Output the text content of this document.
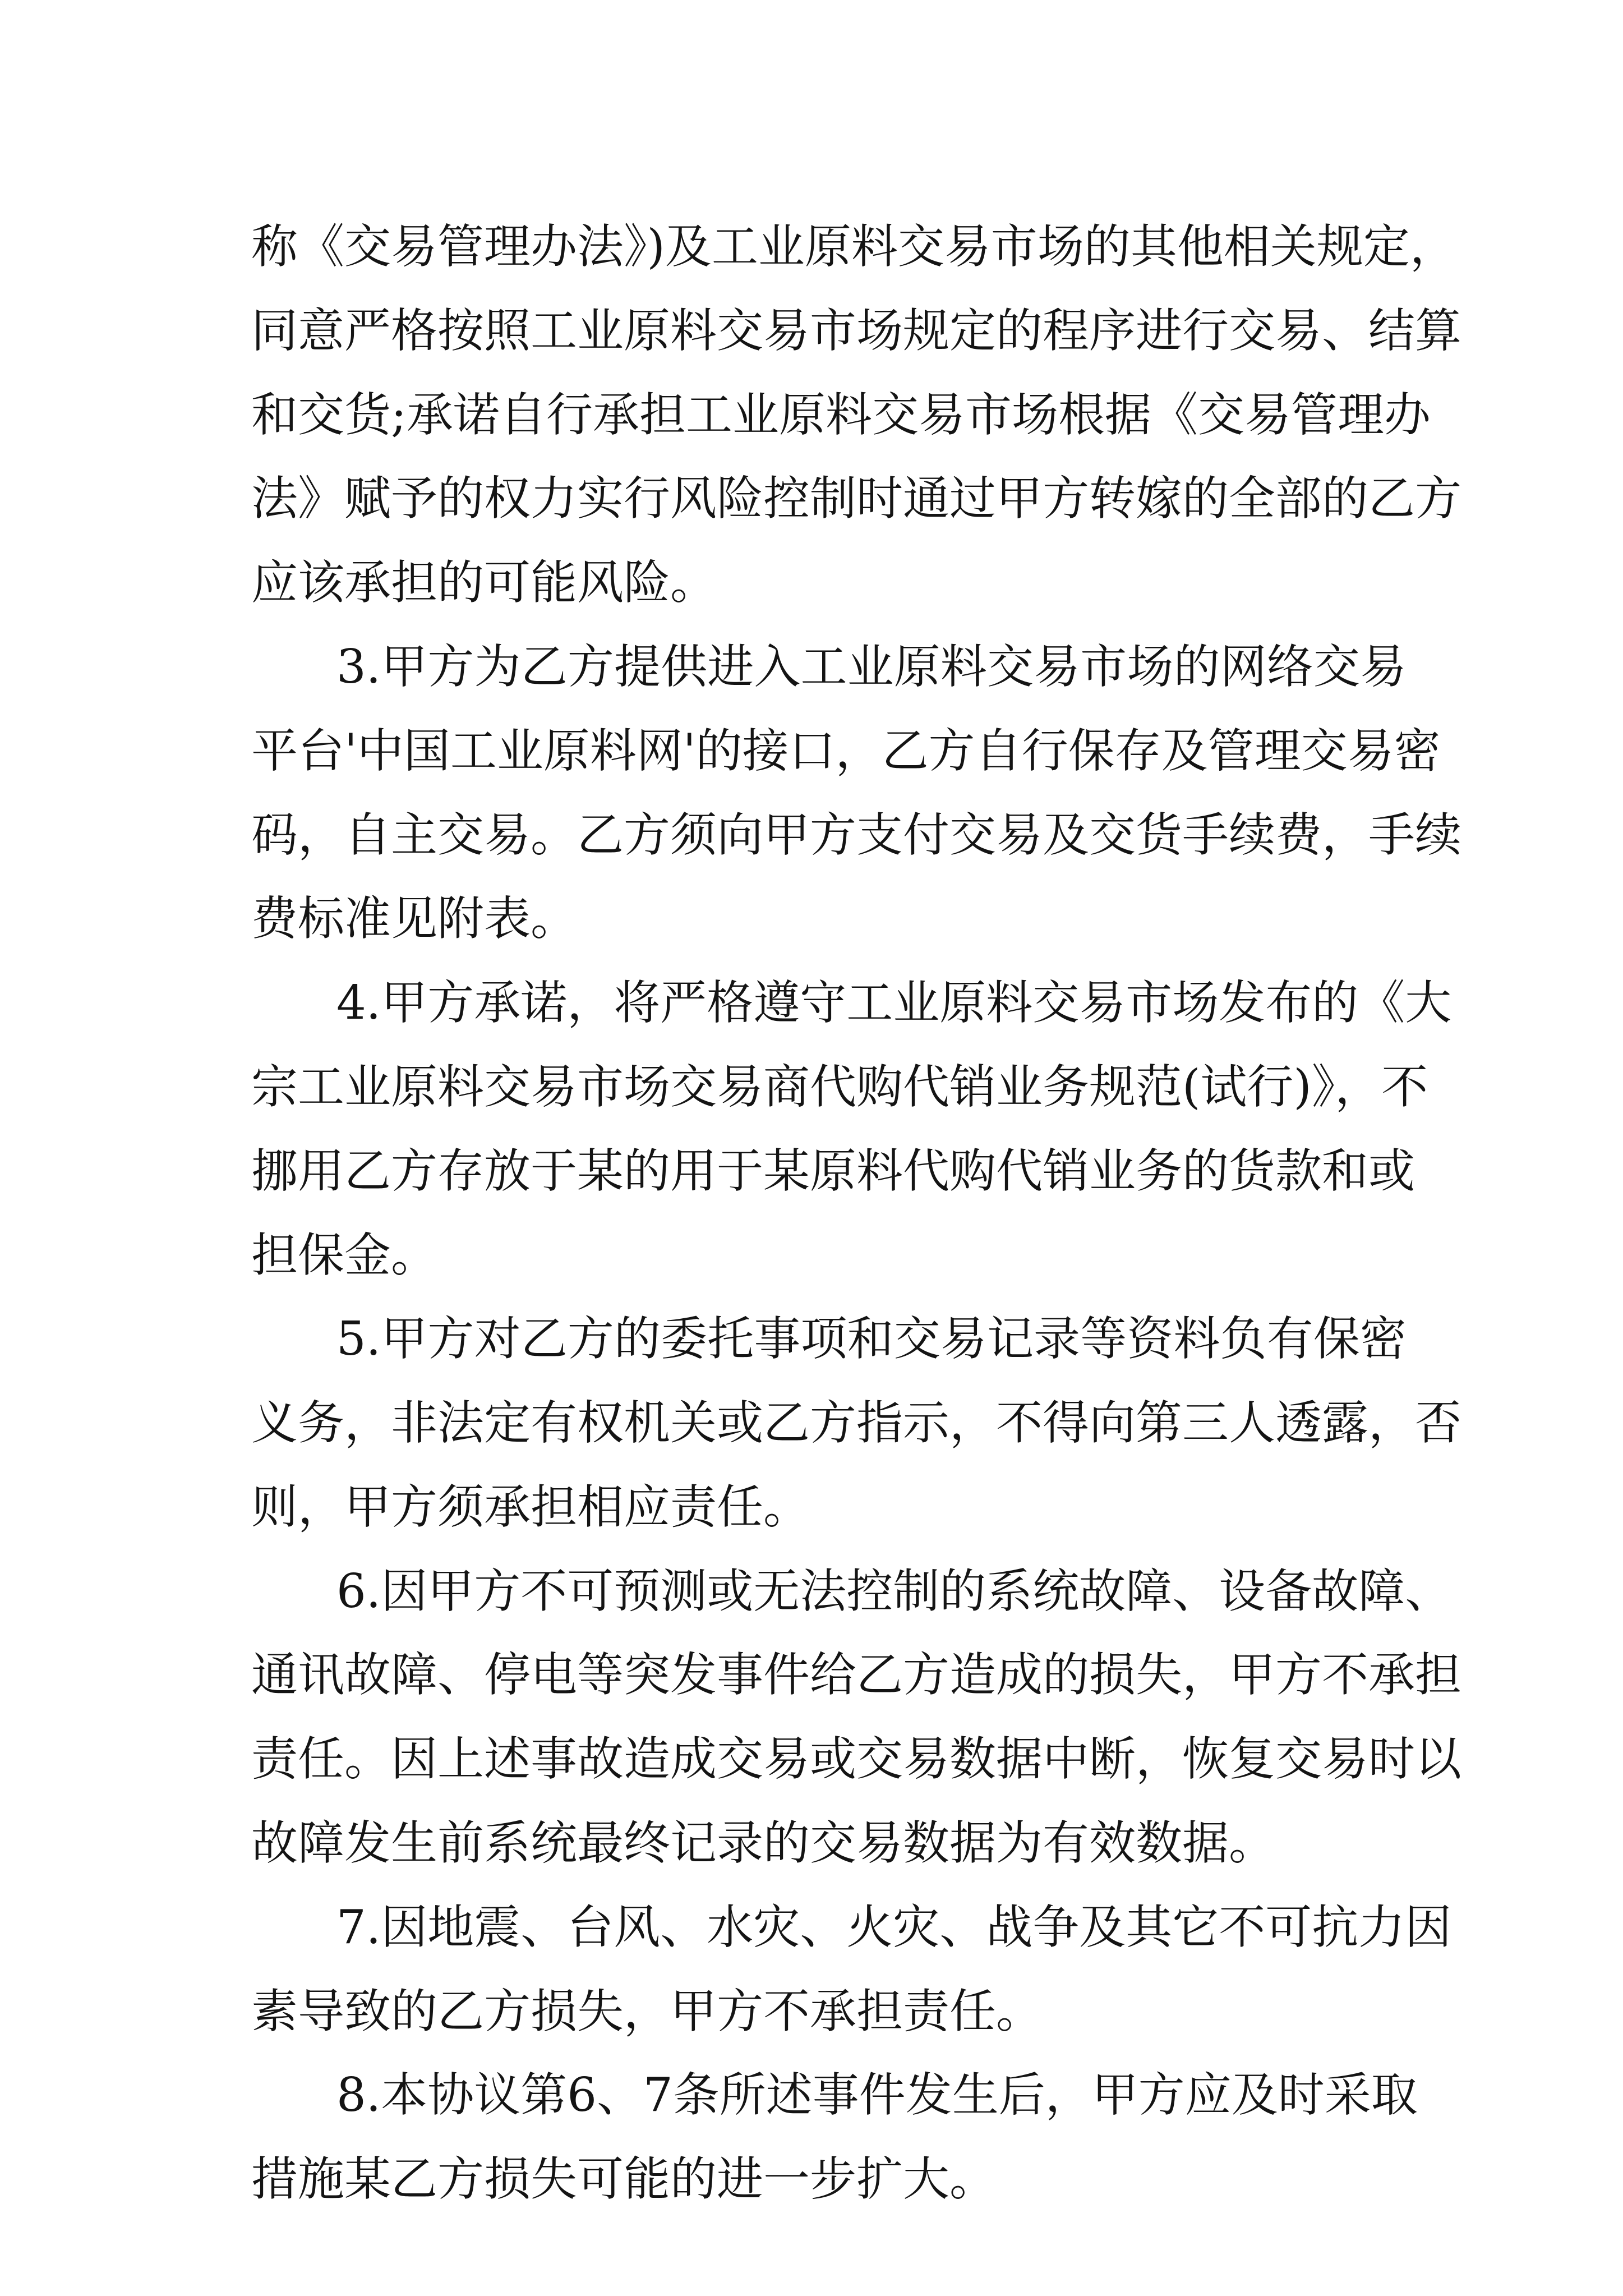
称《交易管理办法》)及工业原料交易市场的其他相关规定，
同意严格按照工业原料交易市场规定的程序进行交易、结算
和交货;承诺自行承担工业原料交易市场根据《交易管理办
法》赋予的权力实行风险控制时通过甲方转嫁的全部的乙方
应该承担的可能风险。
3.甲方为乙方提供进入工业原料交易市场的网络交易
平台'中国工业原料网'的接口，乙方自行保存及管理交易密
码，自主交易。乙方须向甲方支付交易及交货手续费，手续
费标准见附表。
4.甲方承诺，将严格遵守工业原料交易市场发布的《大
宗工业原料交易市场交易商代购代销业务规范(试行)》，不
挪用乙方存放于某的用于某原料代购代销业务的货款和或
担保金。
5.甲方对乙方的委托事项和交易记录等资料负有保密
义务，非法定有权机关或乙方指示，不得向第三人透露，否
则，甲方须承担相应责任。
6.因甲方不可预测或无法控制的系统故障、设备故障、
通讯故障、停电等突发事件给乙方造成的损失，甲方不承担
责任。因上述事故造成交易或交易数据中断，恢复交易时以
故障发生前系统最终记录的交易数据为有效数据。
7.因地震、台风、水灾、火灾、战争及其它不可抗力因
素导致的乙方损失，甲方不承担责任。
8.本协议第6、7条所述事件发生后，甲方应及时采取
措施某乙方损失可能的进一步扩大。
